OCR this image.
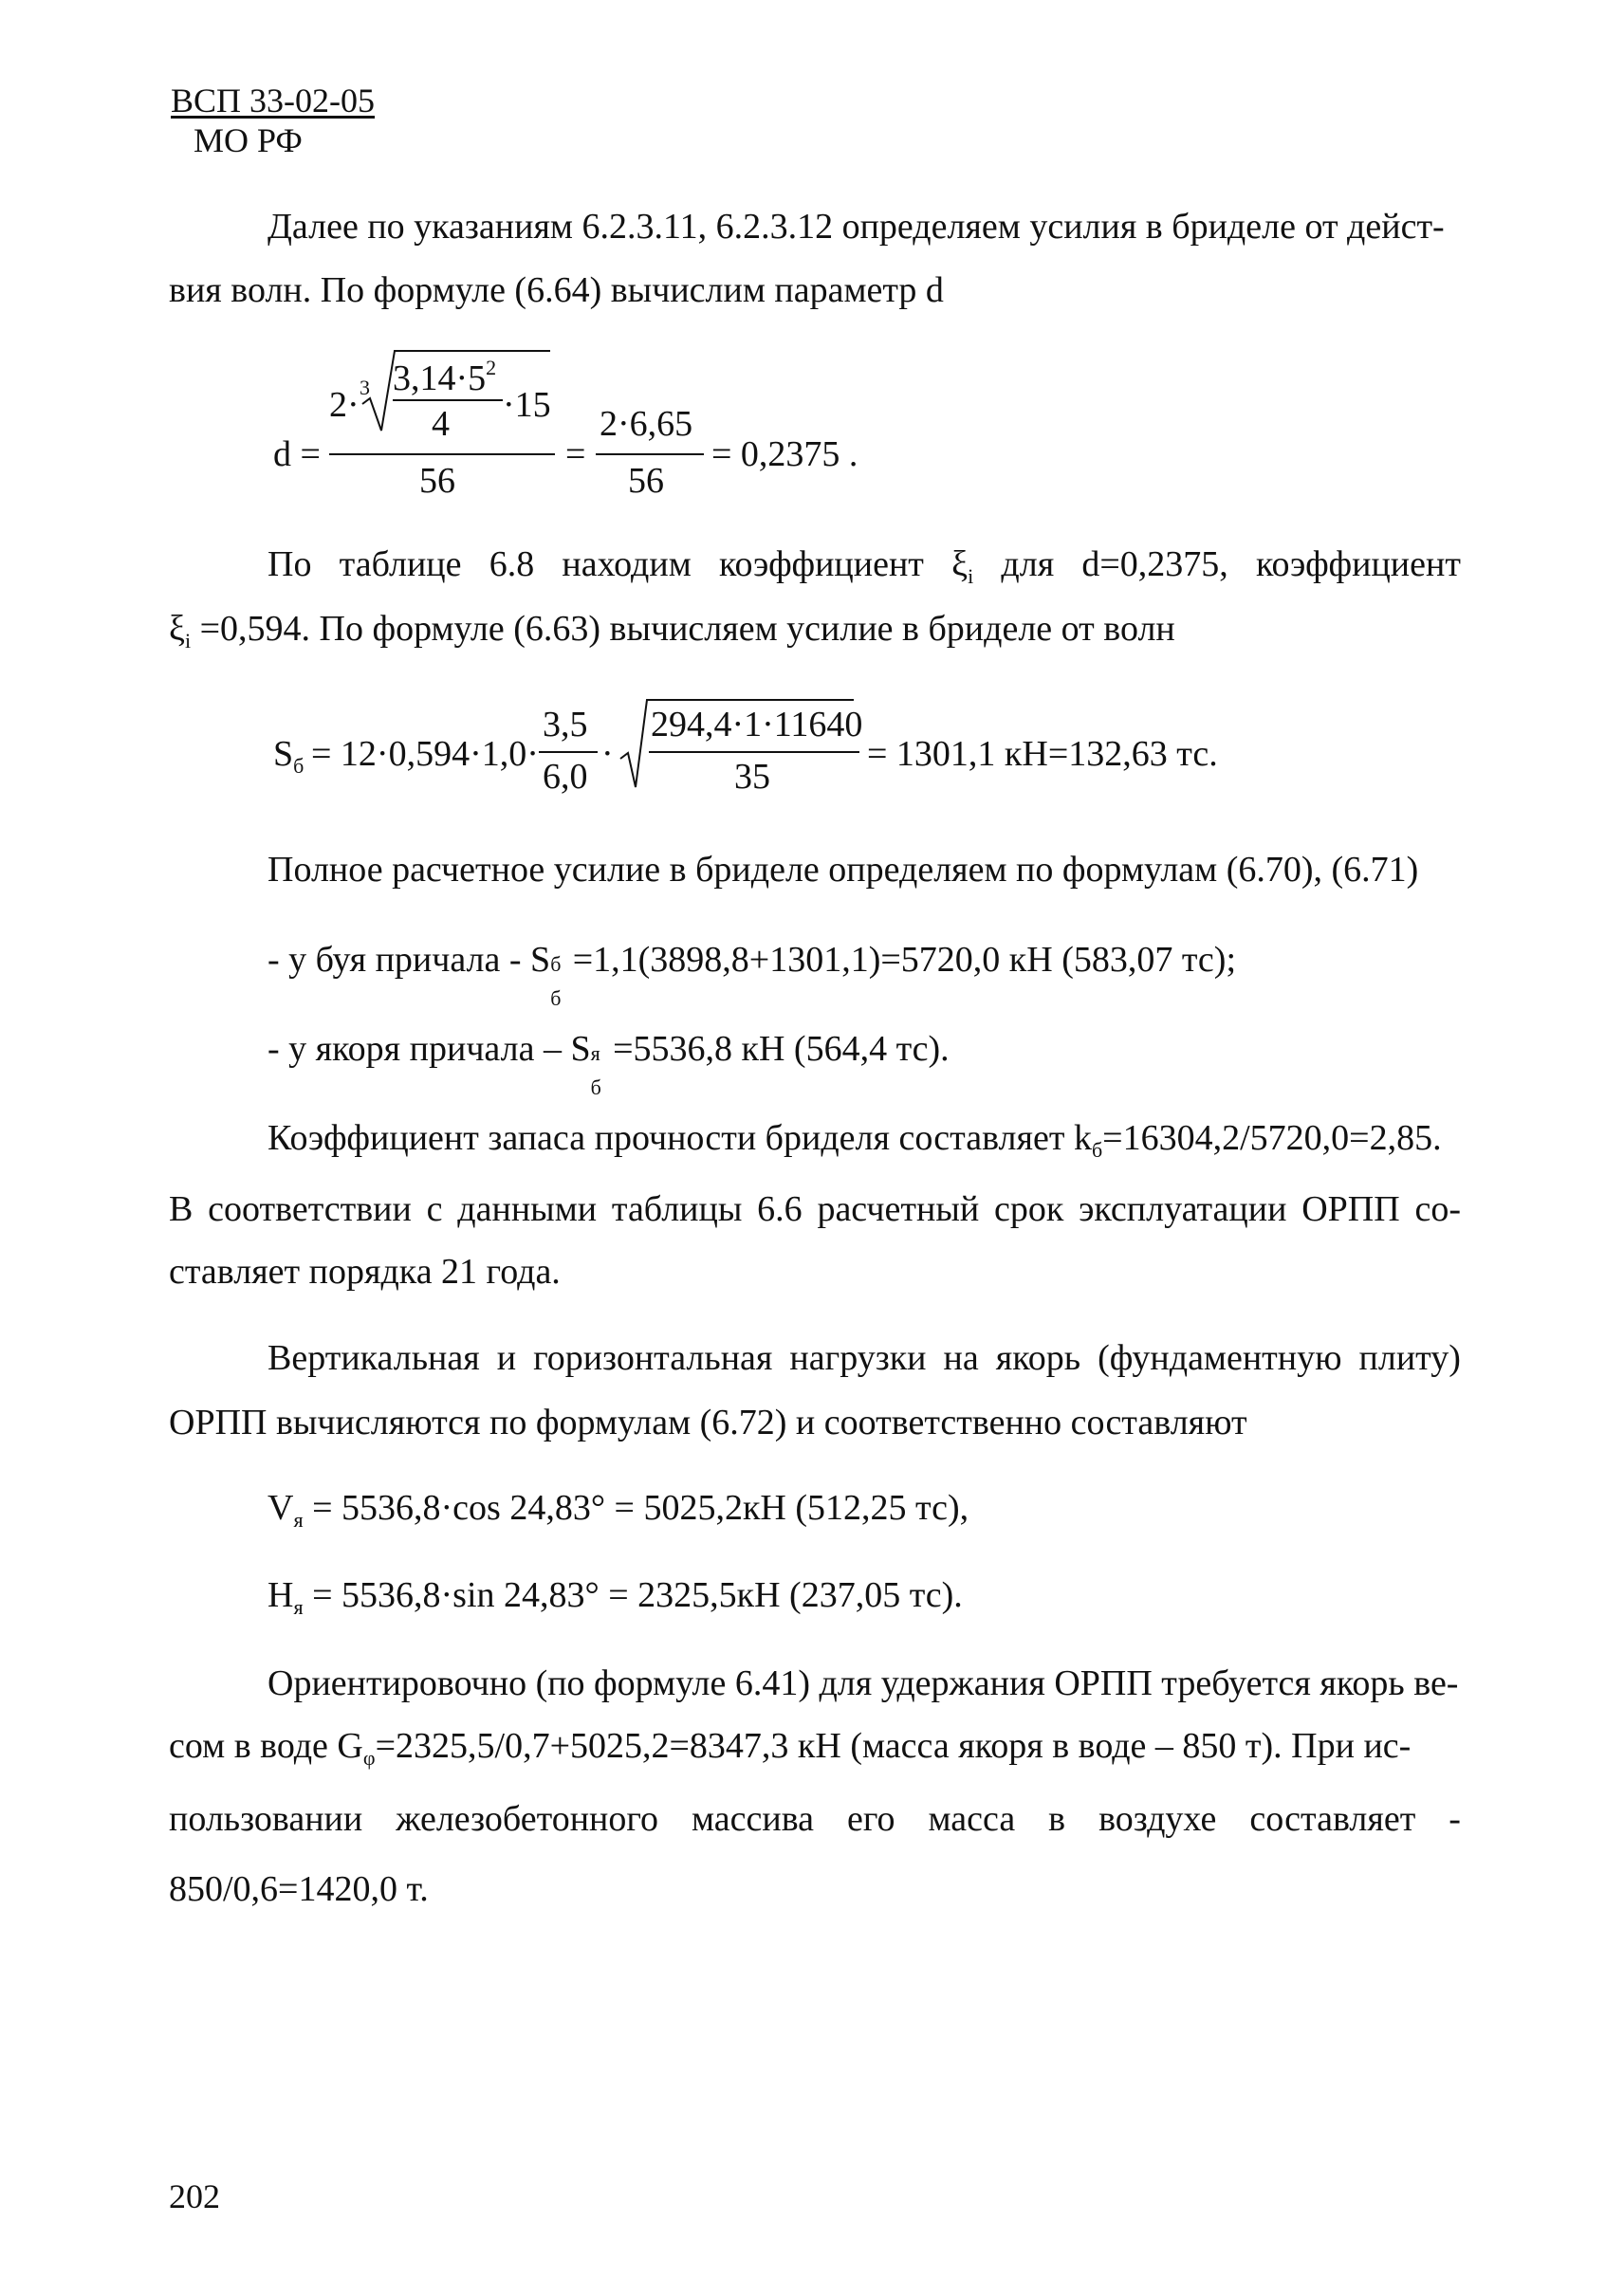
ВСП 33-02-05
МО РФ
Далее по указаниям 6.2.3.11, 6.2.3.12 определяем усилия в бриделе от дейст-
вия волн. По формуле (6.64) вычислим параметр d
d =
2· 3 $3,14\cdot 5^2$
4 ·15
56
=
2·6,65
56
= 0,2375 .
По таблице 6.8 находим коэффициент $\xi_i$ для d=0,2375, коэффициент
$\xi_i =0,594$. По формуле (6.63) вычисляем усилие в бриделе от волн
$S_б = 12\cdot 0,594\cdot 1,0\cdot$
3,5
6,0
·
294,4·1·11640
35
= 1301,1 кН=132,63 тс.
Полное расчетное усилие в бриделе определяем по формулам (6.70), (6.71)
- у буя причала - S б
б
=1,1(3898,8+1301,1)=5720,0 кН (583,07 тс);
- у якоря причала – S я
б
=5536,8 кН (564,4 тс).
Коэффициент запаса прочности бриделя составляет $k_б=16304,2/5720,0=2,85$.
В соответствии с данными таблицы 6.6 расчетный срок эксплуатации ОРПП со-
ставляет порядка 21 года.
Вертикальная и горизонтальная нагрузки на якорь (фундаментную плиту)
ОРПП вычисляются по формулам (6.72) и соответственно составляют
$V_я = 5536,8\cdot\cos$ 24,83° = 5025,2кН (512,25 тс),
$H_я = 5536,8\cdot\sin$ 24,83° = 2325,5кН (237,05 тс).
Ориентировочно (по формуле 6.41) для удержания ОРПП требуется якорь ве-
сом в воде $G_\varphi=2325,5/0,7+5025,2=8347,3$ кН (масса якоря в воде – 850 т). При ис-
пользовании железобетонного массива его масса в воздухе составляет -
850/0,6=1420,0 т.
202
